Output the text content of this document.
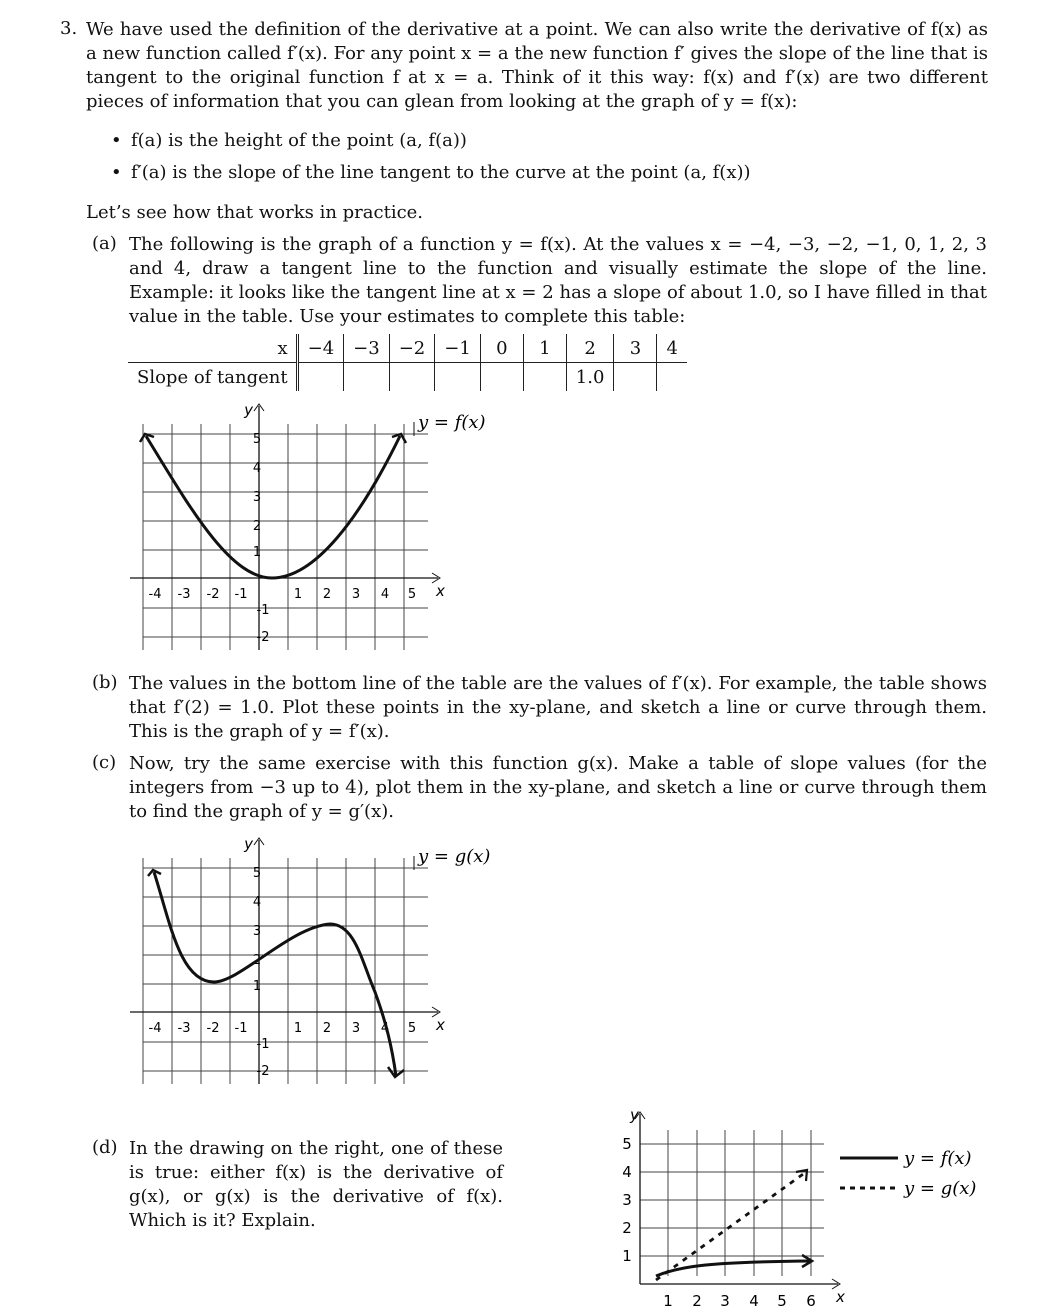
3. We have used the definition of the derivative at a point. We can also write the derivative of f(x) as a new function called f′(x). For any point x = a the new function f′ gives the slope of the line that is tangent to the original function f at x = a. Think of it this way: f(x) and f′(x) are two different pieces of information that you can glean from looking at the graph of y = f(x):

• f(a) is the height of the point (a, f(a))
• f′(a) is the slope of the line tangent to the curve at the point (a, f(x))

Let’s see how that works in practice.

(a) The following is the graph of a function y = f(x). At the values x = −4, −3, −2, −1, 0, 1, 2, 3 and 4, draw a tangent line to the function and visually estimate the slope of the line. Example: it looks like the tangent line at x = 2 has a slope of about 1.0, so I have filled in that value in the table. Use your estimates to complete this table:

x	−4	−3	−2	−1	0	1	2	3	4
Slope of tangent							1.0		
y
x
-4 -3 -2 -1	1 2 3 4 5
5
4
3
2
1
-1
-2
y = f(x)
(b) The values in the bottom line of the table are the values of f′(x). For example, the table shows that f′(2) = 1.0. Plot these points in the xy-plane, and sketch a line or curve through them. This is the graph of y = f′(x).

(c) Now, try the same exercise with this function g(x). Make a table of slope values (for the integers from −3 up to 4), plot them in the xy-plane, and sketch a line or curve through them to find the graph of y = g′(x).

y
x
-4 -3 -2 -1	1 2 3 4 5
5
4
3
2
1
-1
-2
y = g(x)
(d) In the drawing on the right, one of these is true: either f(x) is the derivative of g(x), or g(x) is the derivative of f(x). Which is it? Explain.

y
x
1 2 3 4 5 6
5
4
3
2
1
y = f(x)
y = g(x)
